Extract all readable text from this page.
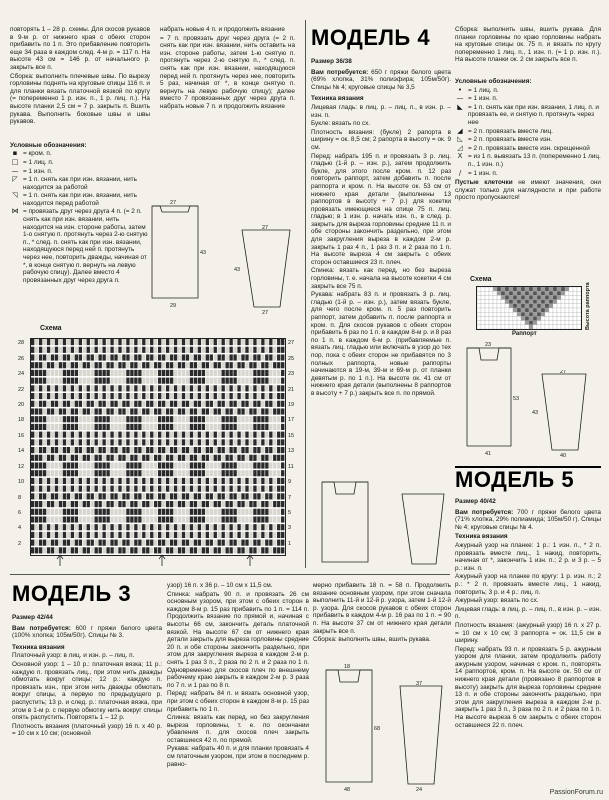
повторять 1 – 28 р. схемы. Для скосов рукавов в 9-м р. от нижнего края с обеих сторон прибавить по 1 п. Это прибавление повторить еще 34 раза в каждом след. 4-м р. = 117 п. На высоте 43 см = 146 р. от начального р. закрыть все п.

Сборка: выполнить плечевые швы. По вырезу горловины поднять на круговые спицы 116 п. и для планки вязать платочной вязкой по кругу (= попеременно 1 р. изн. п., 1 р. лиц. п.). На высоте планки 2,5 см = 7 р. закрыть п. Вшить рукава. Выполнить боковые швы и швы рукавов.

Условные обозначения:
▪ = кром. п.
□ = 1 лиц. п.
— = 1 изн. п.
◸ = 1 п. снять как при изн. вязании, нить находится за работой
◹ = 1 п. снять как при изн. вязании, нить находится перед работой
⋈ = провязать друг через друга 4 п. (= 2 п. снять как при изн. вязании, нить находится на изн. стороне работы, затем 1-о снятую п. протянуть через 2-ю снятую п., * след. п. снять как при изн. вязании, находящуюся перед ней п. протянуть через нее, повторить дважды, начиная от *, в конце снятую п. вернуть на левую рабочую спицу). Далее вместо 4 провязанных друг через друга п.

набрать новые 4 п. и продолжить вязание

= 7 п. провязать друг через друга (= 2 п. снять как при изн. вязании, нить оставить на изн. стороне работы, затем 1-ю снятую п. протянуть через 2-ю снятую п., * след. п. снять как при изн. вязании, находящуюся перед ней п. протянуть через нее, повторить 5 раз, начиная от *, в конце снятую п. вернуть на левую рабочую спицу); далее вместо 7 провязанных друг через друга п. набрать новые 7 п. и продолжить вязание

27
43
29
27
43
27
Схема
28
26
24
22
20
18
16
14
12
10
8
6
4
2
27
25
23
21
19
17
15
13
11
9
7
5
3
1
МОДЕЛЬ 4
Размер 36/38

Вам потребуется: 650 г пряжи белого цвета (69% хлопка, 31% полиэфира; 105м/50г). Спицы № 4; круговые спицы № 3,5

Техника вязания

Лицевая гладь: в лиц. р. – лиц. п., в изн. р. – изн. п.

Букле: вязать по сх.

Плотность вязания: (букле) 2 рапорта в ширину = ок. 8,5 см; 2 рапорта в высоту = ок. 9 см.

Перед: набрать 195 п. и провязать 3 р. лиц. гладью (1-й р. – изн. р.), затем продолжить букле, для этого после кром. п. 12 раз повторить раппорт, затем добавить п. после раппорта и кром. п. На высоте ок. 53 см от нижнего края детали (выполнены 13 раппортов в высоту + 7 р.) для кокетки провязать имеющиеся на спице 75 п. лиц. гладью; в 1 изн. р. начать изн. п., в след. р. закрыть для выреза горловины средние 11 п. и обе стороны закончить раздельно, при этом для закругления выреза в каждом 2-м р. закрыть 1 раз 4 п., 1 раз 3 п. и 2 раза по 1 п. На высоте выреза 4 см закрыть с обеих сторон оставшиеся 23 п. плеч.

Спинка: вязать как перед, но без выреза горловины, т. е. начала на высоте кокетки 4 см закрыть все 75 п.

Рукава: набрать 83 п. и провязать 3 р. лиц. гладью (1-й р. – изн. р.), затем вязать букле, для чего после кром. п. 5 раз повторить раппорт, затем добавить п. после раппорта и кром. п. Для скосов рукавов с обеих сторон прибавить 6 раз по 1 п. в каждом 8-м р. и 8 раз по 1 п. в каждом 6-м р. (прибавляемые п. вязать лиц. гладью или включать в узор до тех пор, пока с обеих сторон не прибавятся по 3 полных раппорта, новые раппорты начинаются в 19-м, 39-м и 69-м р. от планки девятым р. по 1 п.). На высоте ок. 41 см от нижнего края детали (выполнены 8 раппортов в высоту + 7 р.) закрыть все п. по прямой.

Сборка: выполнить швы, вшить рукава. Для планки горловины по краю горловины набрать на круговые спицы ок. 75 п. и вязать по кругу попеременно 1 лиц. п., 1 изн. п. (= 1 р. изн. п.). На высоте планки ок. 2 см закрыть все п.

Условные обозначения:
• = 1 лиц. п.
— = 1 изн. п.
◣ = 1 п. снять как при изн. вязании, 1 лиц. п. и провязать ее, и снятую п. протянуть через нее
◢ = 2 п. провязать вместе лиц.
◺ = 2 п. провязать вместе изн.
◿ = 2 п. провязать вместе изн. скрещенной
X = из 1 п. вывязать 13 п. (попеременно 1 лиц. п., 1 изн. п.)
/	= 1 изн. п.

Пустые клеточки не имеют значения, они служат только для наглядности и при работе просто пропускаются!

Схема
Раппорт
Высота раппорта
23
53
41
27
43
40
МОДЕЛЬ 5
Размер 40/42

Вам потребуется: 700 г пряжи белого цвета (71% хлопка, 29% полиамида; 105м/50 г). Спицы № 4; круговые спицы № 4.

Техника вязания

Ажурный узор на планке: 1 р.: 1 изн. п., * 2 п. провязать вместе лиц., 1 накид, повторить, начиная от *, закончить 1 изн. п.; 2 р. и 3 р. – 5 р.: изн. п.

Ажурный узор на планке по кругу: 1 р. изн. п.; 2 р.: * 2 п. провязать вместе лиц., 1 накид, повторить; 3 р. и 4 р.: лиц. п.

Ажурный узор: вязать по сх.

Лицевая гладь: в лиц. р. – лиц. п., в изн. р. – изн. п.

Плотность вязания: (ажурный узор) 16 п. х 27 р. = 10 см х 10 см; 3 раппорта = ок. 11,5 см в ширину.

Перед: набрать 93 п. и провязать 5 р. ажурным узором для планки, затем продолжить работу ажурным узором, начиная с кром. п., повторять 14 раппортов, кром. п. На высоте ок. 50 см от нижнего края детали (провязано 8 раппортов в высоту) закрыть для выреза горловины средние 13 п. и обе стороны закончить раздельно, при этом для закругления выреза в каждом 2-м р. закрыть 1 раз 3 п., 3 раза по 2 п. и 2 раза по 1 п. На высоте выреза 6 см закрыть с обеих сторон оставшиеся 22 п. плеч.

МОДЕЛЬ 3
Размер 42/44

Вам потребуется: 600 г пряжи белого цвета (100% хлопка; 105м/50г). Спицы № 3.

Техника вязания

Платочный узор: в лиц. и изн. р. – лиц. п.

Основной узор: 1 – 10 р.: платочная вязка; 11 р.: каждую п. провязать лиц., при этом нить дважды обмотать вокруг спицы; 12 р.: каждую п. провязать изн., при этом нить дважды обмотать вокруг спицы, а первую по предыдущего р. распустить; 13 р. и след. р.: платочная вязка, при этом в 1-м р. с первую обмотку нить вокруг спицы опять распустить. Повторять 1 – 12 р.

Плотность вязания (платочный узор) 16 п. х 40 р. = 10 см х 10 см; (основной

узор) 16 п. х 36 р. – 10 см х 11,5 см.

Спинка: набрать 90 п. и провязать 26 см основным узором, при этом с обеих сторон в каждом 8-м р. 15 раз прибавить по 1 п. = 114 п. Продолжить вязание по прямой и, начиная с высоты 66 см, закончить деталь платочной вязкой. На высоте 67 см от нижнего края детали закрыть для выреза горловины средние 20 п. и обе стороны закончить раздельно, при этом для закругления выреза в каждом 2-м р. снять 1 раз 3 п., 2 раза по 2 п. и 2 раза по 1 п. Одновременно для скосов плеч по внешнему рабочему краю закрыть в каждом 2-м р. 3 раза по 7 п. и 1 раз по 8 п.

Перед: набрать 84 п. и вязать основной узор, при этом с обеих сторон в каждом 8-м р. 15 раз прибавить по 1 п.

Слинка: вязать как перед, но без закругления выреза горловины, т. е. по окончании убавления п. для скосов плеч закрыть оставшиеся 42 п. по прямой.

Рукава: набрать 40 п. и для планки провязать 4 см платочным узором, при этом в последнем р. равно-

мерно прибавить 18 п. = 58 п. Продолжить вязание основным узором, при этом сначала выполнить 11-й и 12-й р. узора, затем 1-й 12-й р. узора. Для скосов рукавов с обеих сторон прибавить в каждом 4-м р. 16 раз по 1 п. = 90 п. На высоте 37 см от нижнего края детали закрыть все п.

Сборка: выполнить швы, вшить рукава.

18
68
48
37
24	PassionForum.ru
